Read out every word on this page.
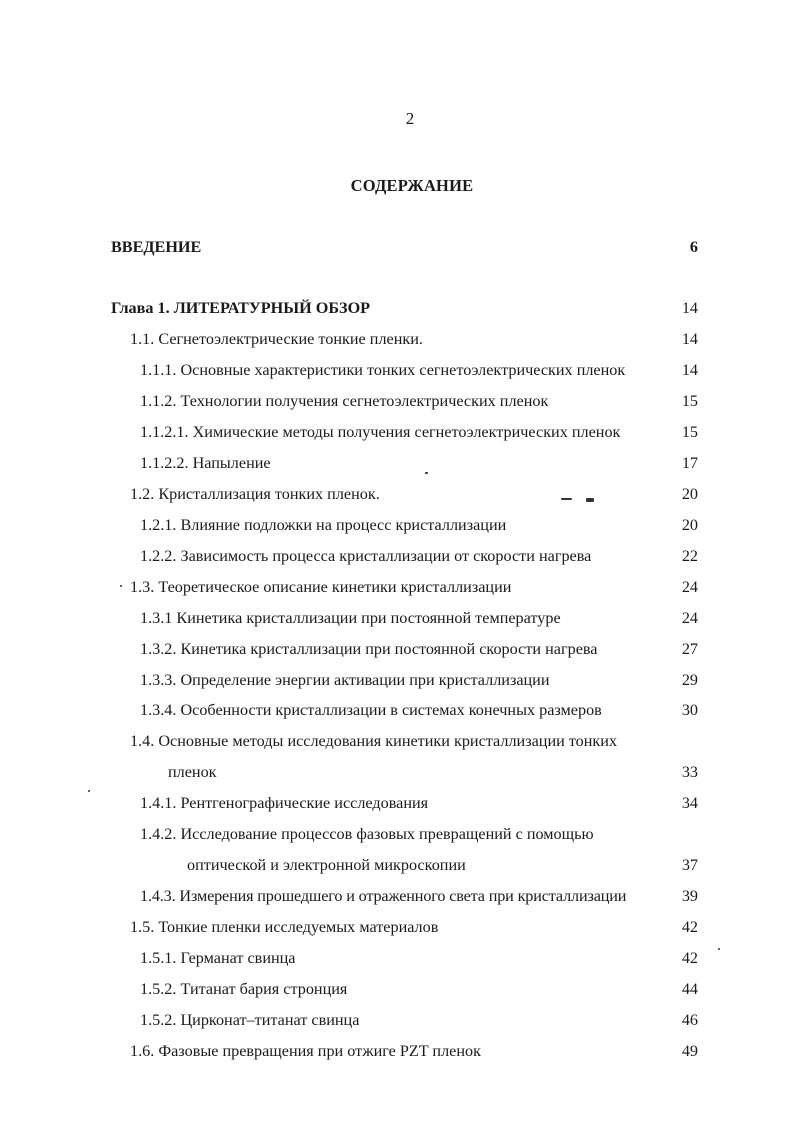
2
СОДЕРЖАНИЕ
ВВЕДЕНИЕ	6
Глава 1. ЛИТЕРАТУРНЫЙ ОБЗОР	14
1.1. Сегнетоэлектрические тонкие пленки.	14
1.1.1. Основные характеристики тонких сегнетоэлектрических пленок	14
1.1.2. Технологии получения сегнетоэлектрических пленок	15
1.1.2.1. Химические методы получения сегнетоэлектрических пленок	15
1.1.2.2. Напыление	17
1.2. Кристаллизация тонких пленок.	20
1.2.1. Влияние подложки на процесс кристаллизации	20
1.2.2. Зависимость процесса кристаллизации от скорости нагрева	22
1.3. Теоретическое описание кинетики кристаллизации	24
1.3.1 Кинетика кристаллизации при постоянной температуре	24
1.3.2. Кинетика кристаллизации при постоянной скорости нагрева	27
1.3.3. Определение энергии активации при кристаллизации	29
1.3.4. Особенности кристаллизации в системах конечных размеров	30
1.4. Основные методы исследования кинетики кристаллизации тонких
пленок	33
1.4.1. Рентгенографические исследования	34
1.4.2. Исследование процессов фазовых превращений с помощью
оптической и электронной микроскопии	37
1.4.3. Измерения прошедшего и отраженного света при кристаллизации	39
1.5. Тонкие пленки исследуемых материалов	42
1.5.1. Германат свинца	42
1.5.2. Титанат бария стронция	44
1.5.2. Цирконат–титанат свинца	46
1.6. Фазовые превращения при отжиге PZT пленок	49
